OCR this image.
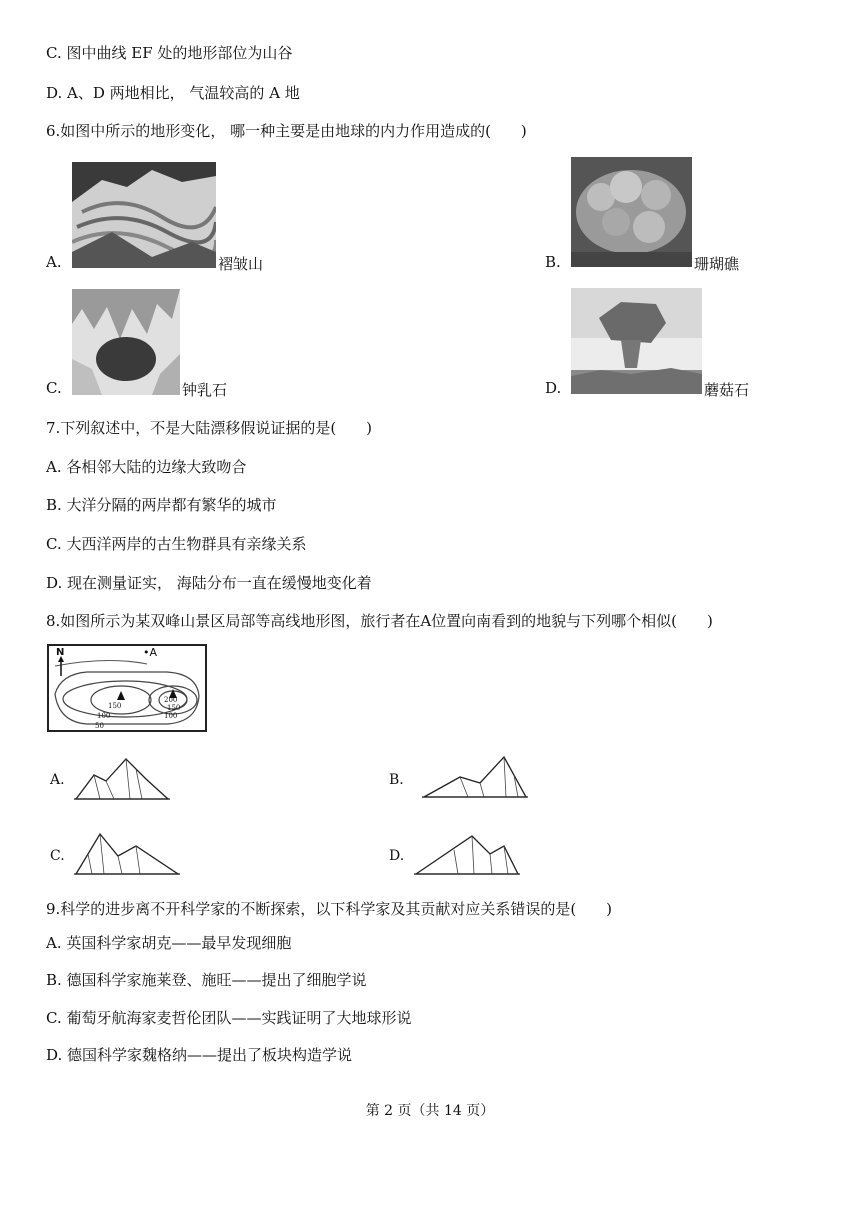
C. 图中曲线 EF 处的地形部位为山谷
D. A、D 两地相比， 气温较高的 A 地
6.如图中所示的地形变化， 哪一种主要是由地球的内力作用造成的(　　)
A.	褶皱山	B.	珊瑚礁
C.	钟乳石	D.	蘑菇石
7.下列叙述中，不是大陆漂移假说证据的是(　　)
A. 各相邻大陆的边缘大致吻合
B. 大洋分隔的两岸都有繁华的城市
C. 大西洋两岸的古生物群具有亲缘关系
D. 现在测量证实， 海陆分布一直在缓慢地变化着
8.如图所示为某双峰山景区局部等高线地形图，旅行者在A位置向南看到的地貌与下列哪个相似(　　)
N	•A
150
200
150
100	100
50
A.	B.
C.	D.
9.科学的进步离不开科学家的不断探索，以下科学家及其贡献对应关系错误的是(　　)
A. 英国科学家胡克——最早发现细胞
B. 德国科学家施莱登、施旺——提出了细胞学说
C. 葡萄牙航海家麦哲伦团队——实践证明了大地球形说
D. 德国科学家魏格纳——提出了板块构造学说
第 2 页（共 14 页）
